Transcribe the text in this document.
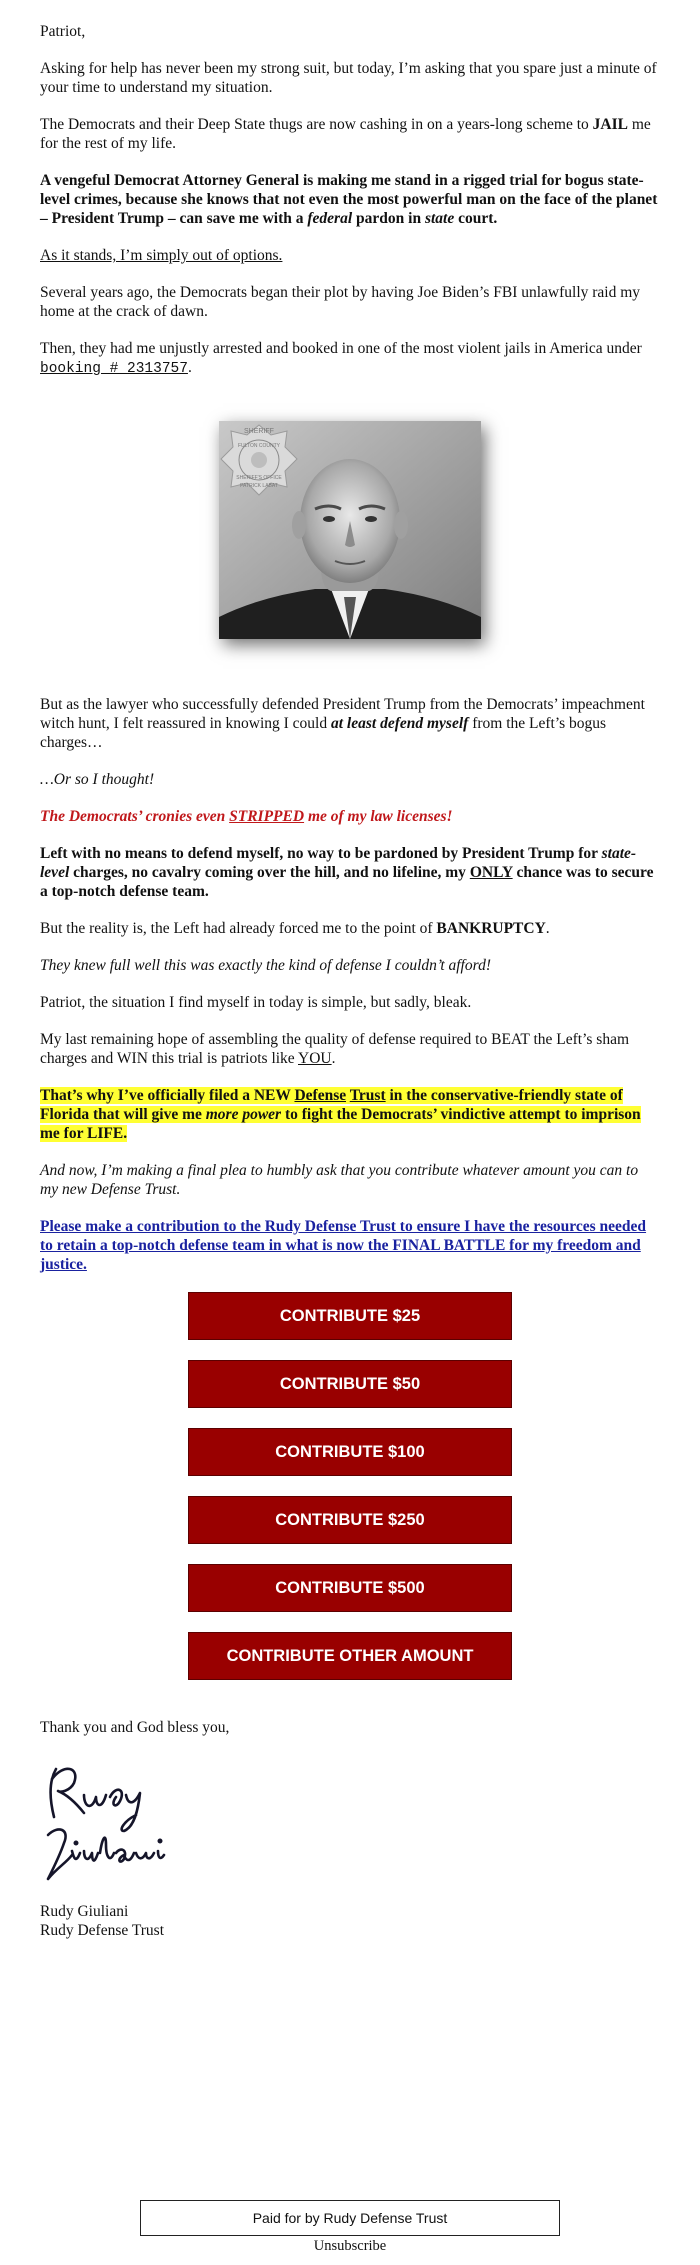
Patriot,

Asking for help has never been my strong suit, but today, I’m asking that you spare just a minute of your time to understand my situation.

The Democrats and their Deep State thugs are now cashing in on a years-long scheme to JAIL me for the rest of my life.

A vengeful Democrat Attorney General is making me stand in a rigged trial for bogus state-level crimes, because she knows that not even the most powerful man on the face of the planet – President Trump – can save me with a federal pardon in state court.

As it stands, I’m simply out of options.

Several years ago, the Democrats began their plot by having Joe Biden’s FBI unlawfully raid my home at the crack of dawn.

Then, they had me unjustly arrested and booked in one of the most violent jails in America under booking # 2313757.

SHERIFF
FULTON COUNTY
SHERIFF'S OFFICE
PATRICK LABAT

But as the lawyer who successfully defended President Trump from the Democrats’ impeachment witch hunt, I felt reassured in knowing I could at least defend myself from the Left’s bogus charges…

…Or so I thought!

The Democrats’ cronies even STRIPPED me of my law licenses!

Left with no means to defend myself, no way to be pardoned by President Trump for state-level charges, no cavalry coming over the hill, and no lifeline, my ONLY chance was to secure a top-notch defense team.

But the reality is, the Left had already forced me to the point of BANKRUPTCY.

They knew full well this was exactly the kind of defense I couldn’t afford!

Patriot, the situation I find myself in today is simple, but sadly, bleak.

My last remaining hope of assembling the quality of defense required to BEAT the Left’s sham charges and WIN this trial is patriots like YOU.

That’s why I’ve officially filed a NEW Defense Trust in the conservative-friendly state of Florida that will give me more power to fight the Democrats’ vindictive attempt to imprison me for LIFE.

And now, I’m making a final plea to humbly ask that you contribute whatever amount you can to my new Defense Trust.

Please make a contribution to the Rudy Defense Trust to ensure I have the resources needed to retain a top-notch defense team in what is now the FINAL BATTLE for my freedom and justice.

CONTRIBUTE $25
CONTRIBUTE $50
CONTRIBUTE $100
CONTRIBUTE $250
CONTRIBUTE $500
CONTRIBUTE OTHER AMOUNT

Thank you and God bless you,

Rudy Giuliani
Rudy Defense Trust
Paid for by Rudy Defense Trust
Unsubscribe
